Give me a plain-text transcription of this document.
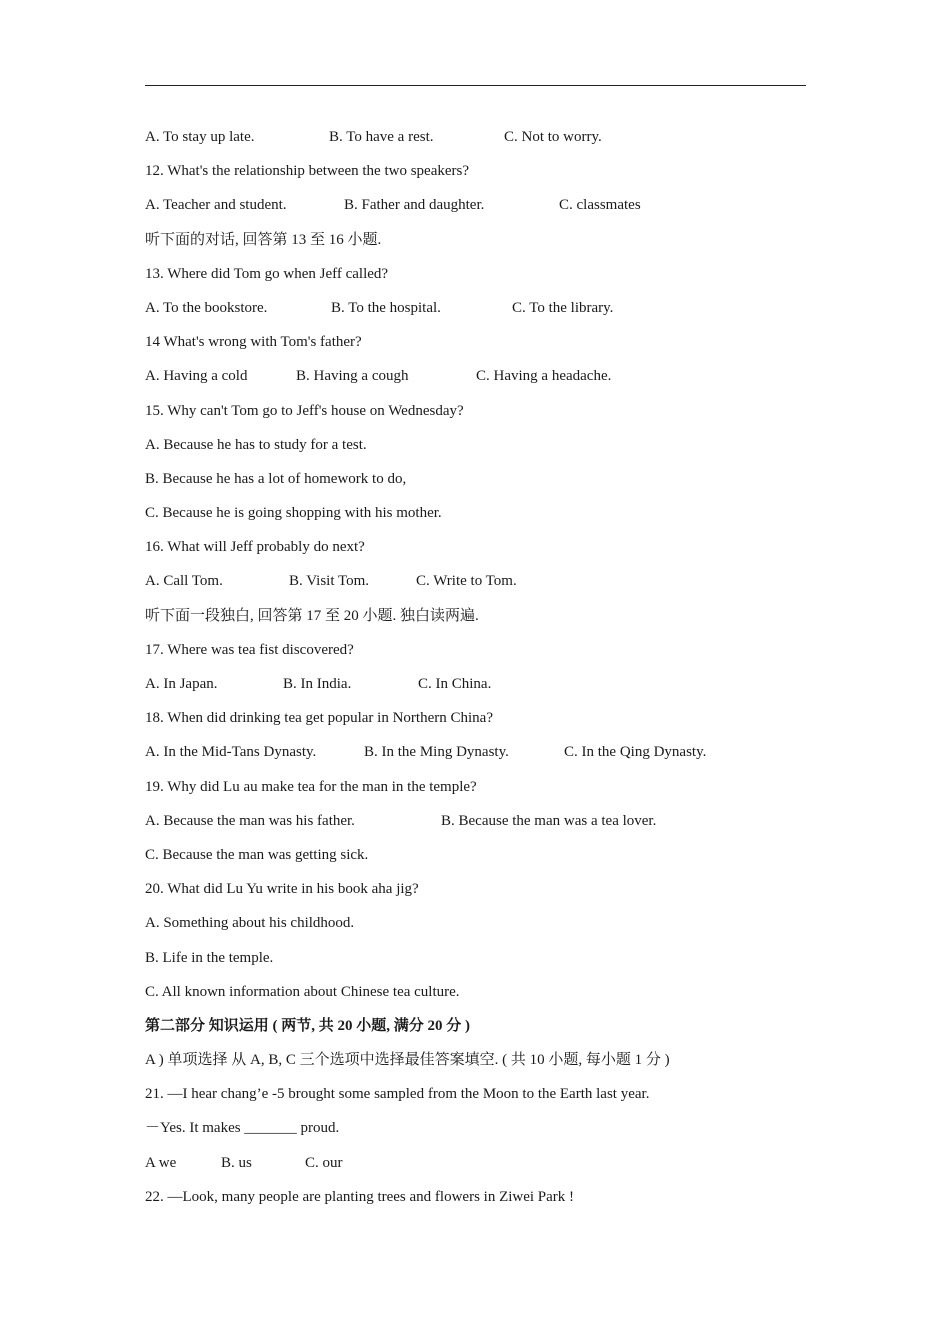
A. To stay up late.	B. To have a rest.	C. Not to worry.
12. What's the relationship between the two speakers?
A. Teacher and student.	B. Father and daughter.	C. classmates
听下面的对话, 回答第 13 至 16 小题.
13. Where did Tom go when Jeff called?
A. To the bookstore.	B. To the hospital.	C. To the library.
14 What's wrong with Tom's father?
A. Having a cold	B. Having a cough	C. Having a headache.
15. Why can't Tom go to Jeff's house on Wednesday?
A. Because he has to study for a test.
B. Because he has a lot of homework to do,
C. Because he is going shopping with his mother.
16. What will Jeff probably do next?
A. Call Tom.	B. Visit Tom.	C. Write to Tom.
听下面一段独白, 回答第 17 至 20 小题. 独白读两遍.
17. Where was tea fist discovered?
A. In Japan.	B. In India.	C. In China.
18. When did drinking tea get popular in Northern China?
A. In the Mid-Tans Dynasty.	B. In the Ming Dynasty.	C. In the Qing Dynasty.
19. Why did Lu au make tea for the man in the temple?
A. Because the man was his father.	B. Because the man was a tea lover.
C. Because the man was getting sick.
20. What did Lu Yu write in his book aha jig?
A. Something about his childhood.
B. Life in the temple.
C. All known information about Chinese tea culture.
第二部分 知识运用 ( 两节, 共 20 小题, 满分 20 分 )
A ) 单项选择 从 A, B, C 三个选项中选择最佳答案填空. ( 共 10 小题, 每小题 1 分 )
21. —I hear chang’e -5 brought some sampled from the Moon to the Earth last year.
－Yes. It makes _______ proud.
A we	B. us	C. our
22. —Look, many people are planting trees and flowers in Ziwei Park !
